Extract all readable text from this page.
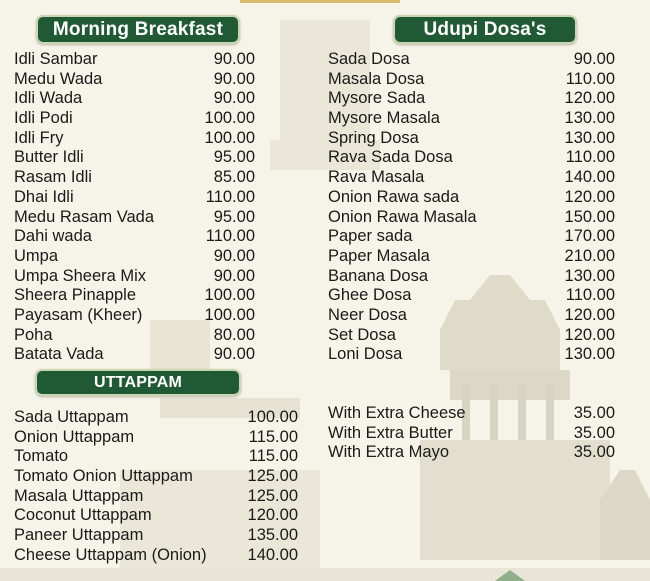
Morning Breakfast	Udupi Dosa's
UTTAPPAM
Idli Sambar	90.00
Medu Wada	90.00
Idli Wada	90.00
Idli Podi	100.00
Idli Fry	100.00
Butter Idli	95.00
Rasam Idli	85.00
Dhai Idli	110.00
Medu Rasam Vada	95.00
Dahi wada	110.00
Umpa	90.00
Umpa Sheera Mix	90.00
Sheera Pinapple	100.00
Payasam (Kheer)	100.00
Poha	80.00
Batata Vada	90.00
Sada Dosa	90.00
Masala Dosa	110.00
Mysore Sada	120.00
Mysore Masala	130.00
Spring Dosa	130.00
Rava Sada Dosa	110.00
Rava Masala	140.00
Onion Rawa sada	120.00
Onion Rawa Masala	150.00
Paper sada	170.00
Paper Masala	210.00
Banana Dosa	130.00
Ghee Dosa	110.00
Neer Dosa	120.00
Set Dosa	120.00
Loni Dosa	130.00
Sada Uttappam	100.00
Onion Uttappam	115.00
Tomato	115.00
Tomato Onion Uttappam	125.00
Masala Uttappam	125.00
Coconut Uttappam	120.00
Paneer Uttappam	135.00
Cheese Uttappam (Onion) 140.00
With Extra Cheese	35.00
With Extra Butter	35.00
With Extra Mayo	35.00
